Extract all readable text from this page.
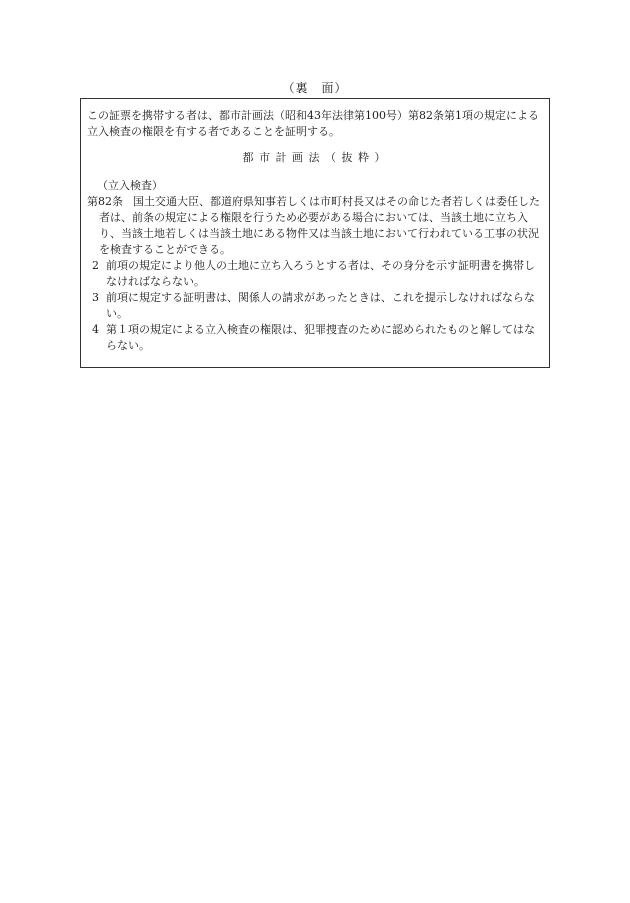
（裏　面）

この証票を携帯する者は、都市計画法（昭和43年法律第100号）第82条第1項の規定による立入検査の権限を有する者であることを証明する。

都 市 計 画 法 （ 抜 粋 ）

（立入検査）

第82条 国土交通大臣、都道府県知事若しくは市町村長又はその命じた者若しくは委任した者は、前条の規定による権限を行うため必要がある場合においては、当該土地に立ち入り、当該土地若しくは当該土地にある物件又は当該土地において行われている工事の状況を検査することができる。

2 前項の規定により他人の土地に立ち入ろうとする者は、その身分を示す証明書を携帯しなければならない。

3 前項に規定する証明書は、関係人の請求があったときは、これを提示しなければならない。

4 第１項の規定による立入検査の権限は、犯罪捜査のために認められたものと解してはならない。
